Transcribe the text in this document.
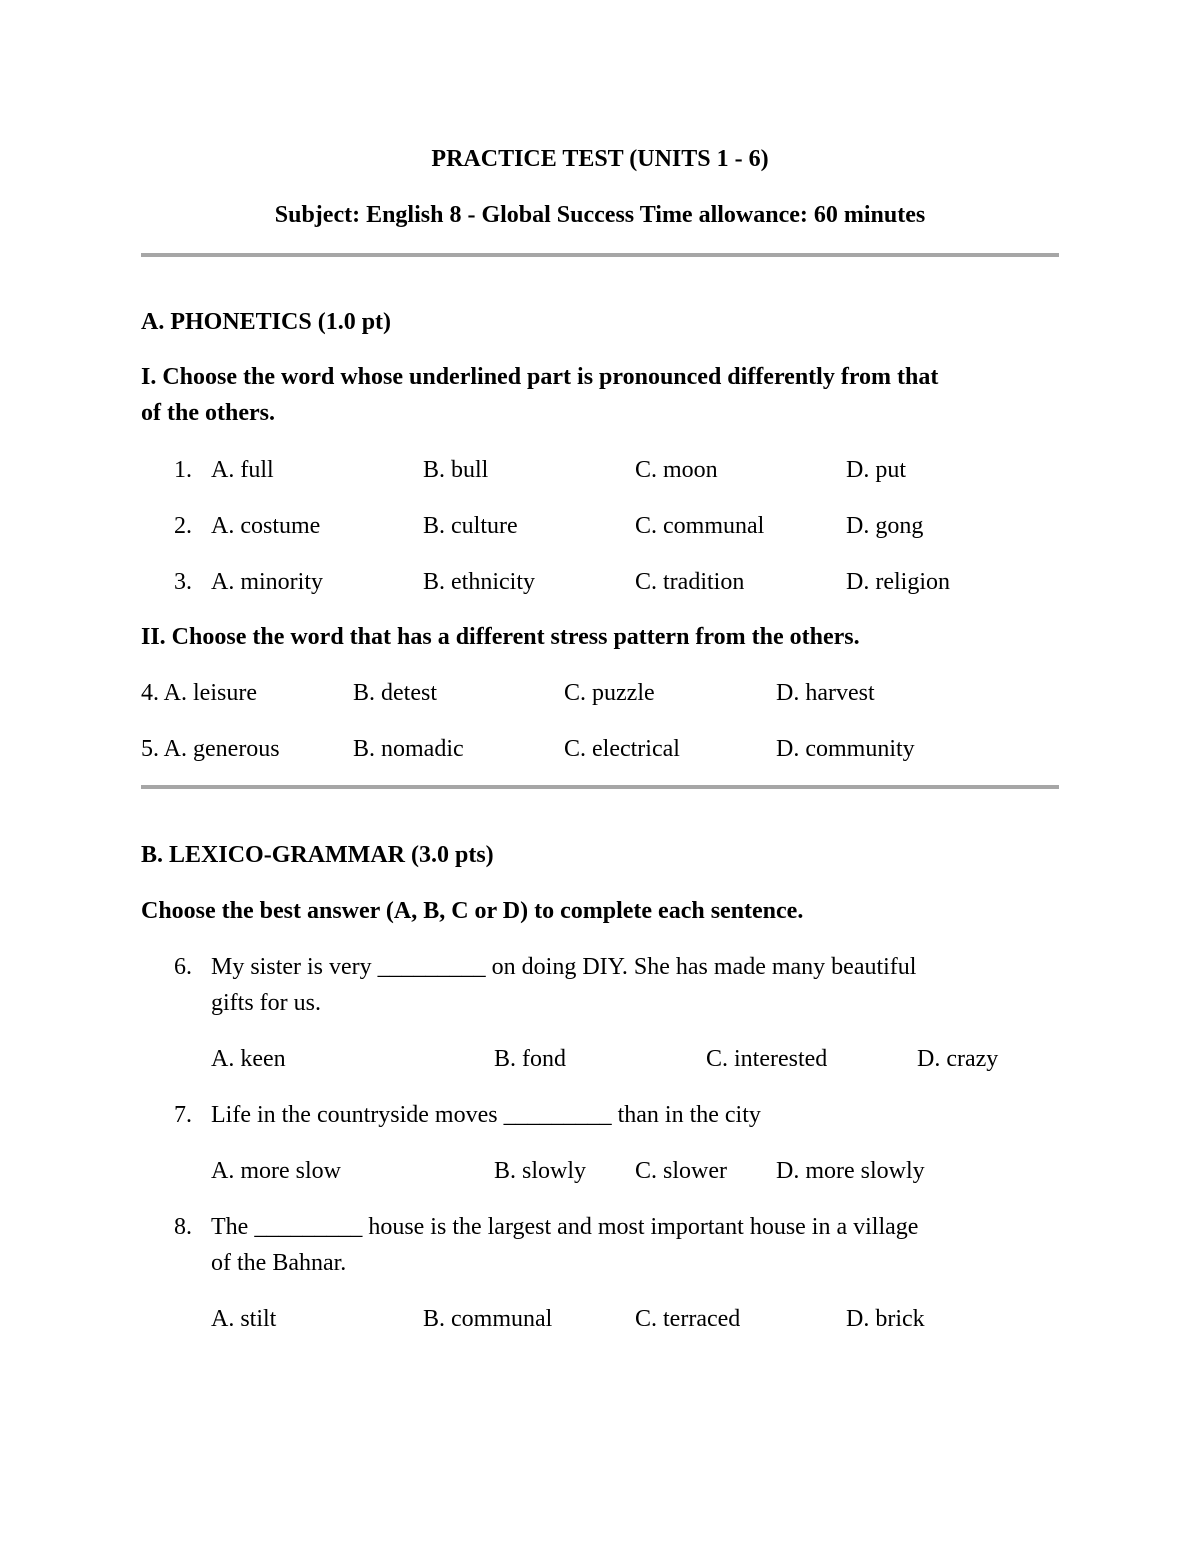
PRACTICE TEST (UNITS 1 - 6)
Subject: English 8 - Global Success Time allowance: 60 minutes
A. PHONETICS (1.0 pt)
I. Choose the word whose underlined part is pronounced differently from that
of the others.
1. A. full	B. bull	C. moon	D. put
2. A. costume	B. culture	C. communal	D. gong
3. A. minority	B. ethnicity	C. tradition	D. religion
II. Choose the word that has a different stress pattern from the others.
4. A. leisure	B. detest	C. puzzle	D. harvest
5. A. generous	B. nomadic	C. electrical	D. community
B. LEXICO-GRAMMAR (3.0 pts)
Choose the best answer (A, B, C or D) to complete each sentence.
6. My sister is very _________ on doing DIY. She has made many beautiful
gifts for us.
A. keen	B. fond	C. interested	D. crazy
7. Life in the countryside moves _________ than in the city
A. more slow	B. slowly C. slower D. more slowly
8. The _________ house is the largest and most important house in a village
of the Bahnar.
A. stilt	B. communal	C. terraced	D. brick
